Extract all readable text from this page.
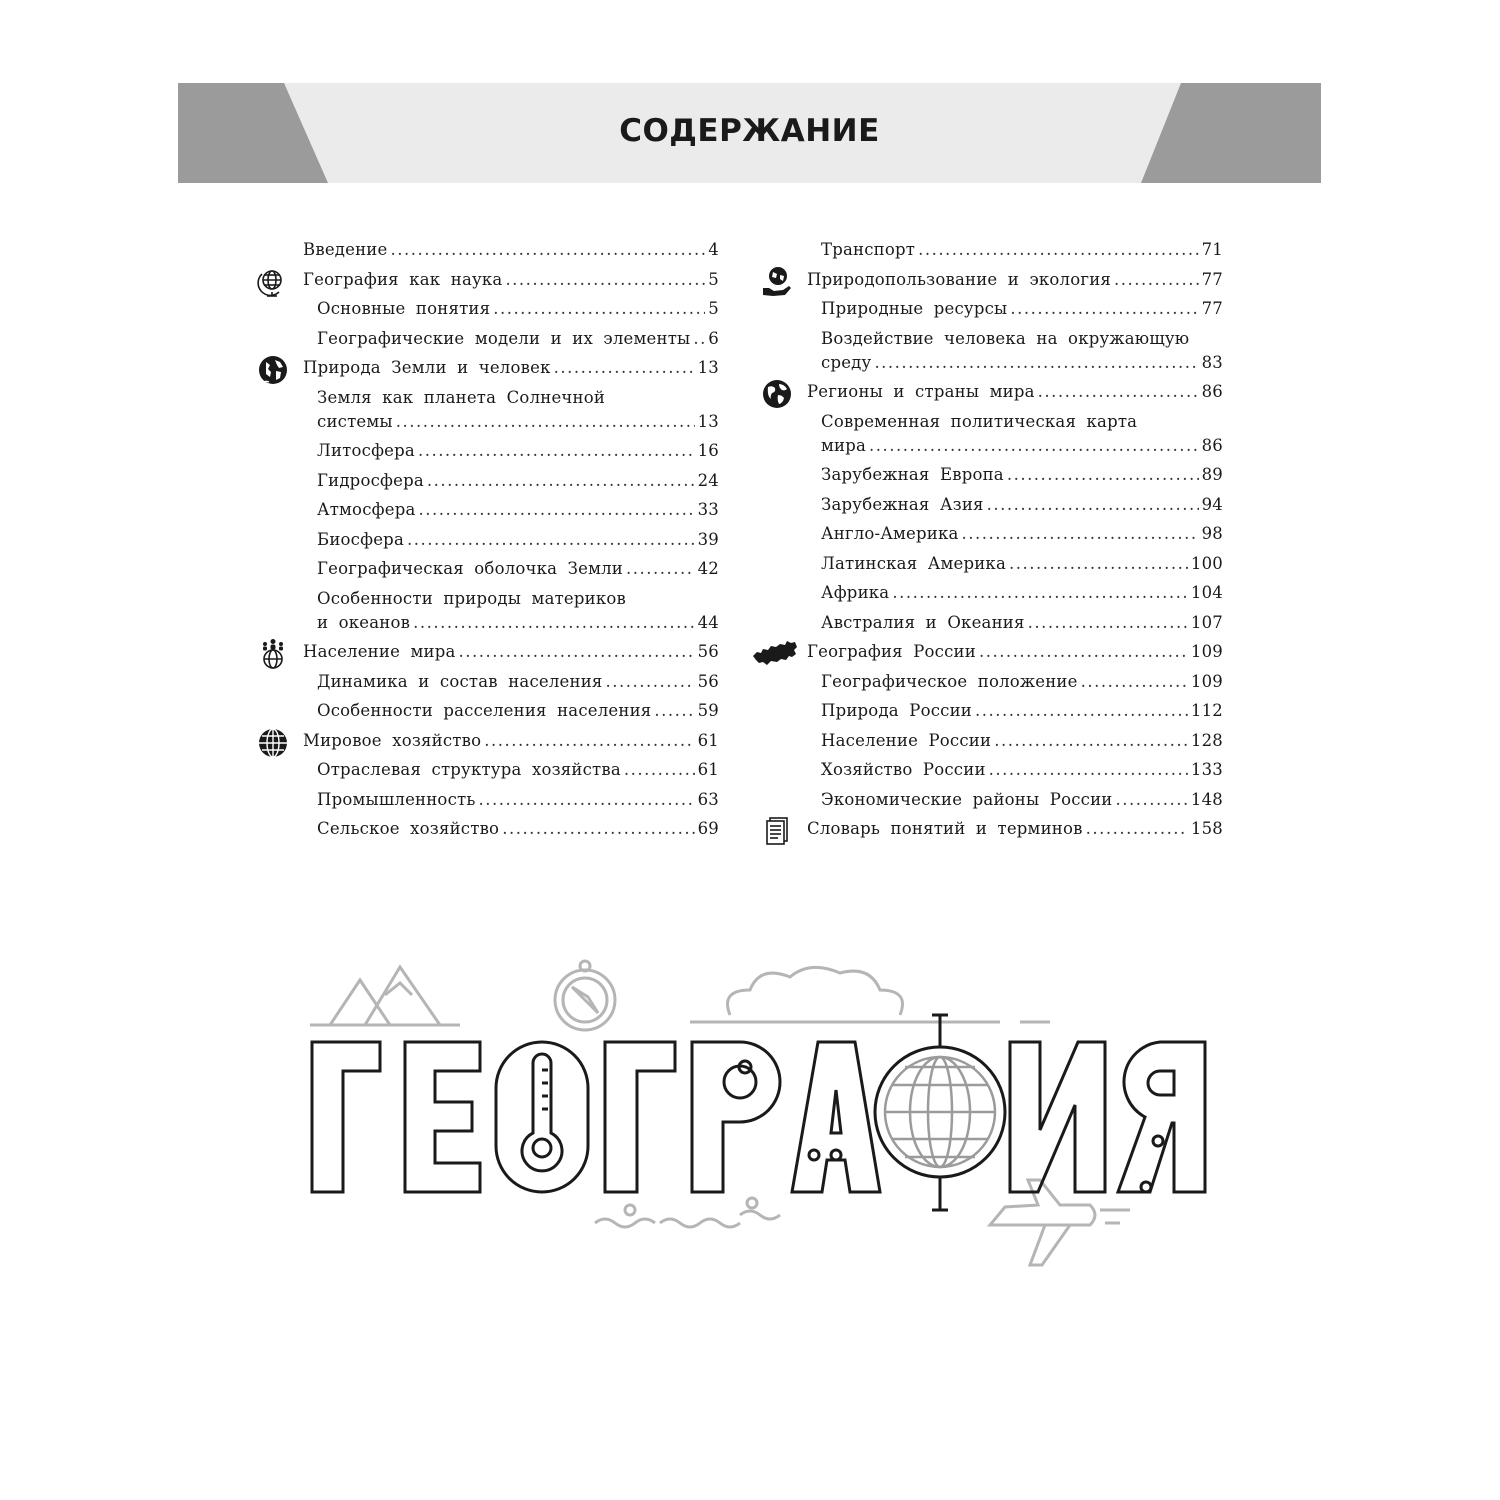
СОДЕРЖАНИЕ
Введение .....	4
География как наука .....	5
Основные понятия .....	5
Географические модели и их элементы ..... 6
Природа Земли и человек .....	13
Земля как планета Солнечной
системы .....	13
Литосфера .....	16
Гидросфера .....	24
Атмосфера .....	33
Биосфера .....	39
Географическая оболочка Земли .....	42
Особенности природы материков
и океанов .....	44
Население мира .....	56
Динамика и состав населения .....	56
Особенности расселения населения .....	59
Мировое хозяйство .....	61
Отраслевая структура хозяйства .....	61
Промышленность .....	63
Сельское хозяйство .....	69
Транспорт .....	71
Природопользование и экология .....	77
Природные ресурсы .....	77
Воздействие человека на окружающую
среду .....	83
Регионы и страны мира .....	86
Современная политическая карта
мира .....	86
Зарубежная Европа .....	89
Зарубежная Азия .....	94
Англо-Америка .....	98
Латинская Америка .....	100
Африка .....	104
Австралия и Океания .....	107
География России .....	109
Географическое положение .....	109
Природа России .....	112
Население России .....	128
Хозяйство России .....	133
Экономические районы России .....	148
Словарь понятий и терминов .....	158
